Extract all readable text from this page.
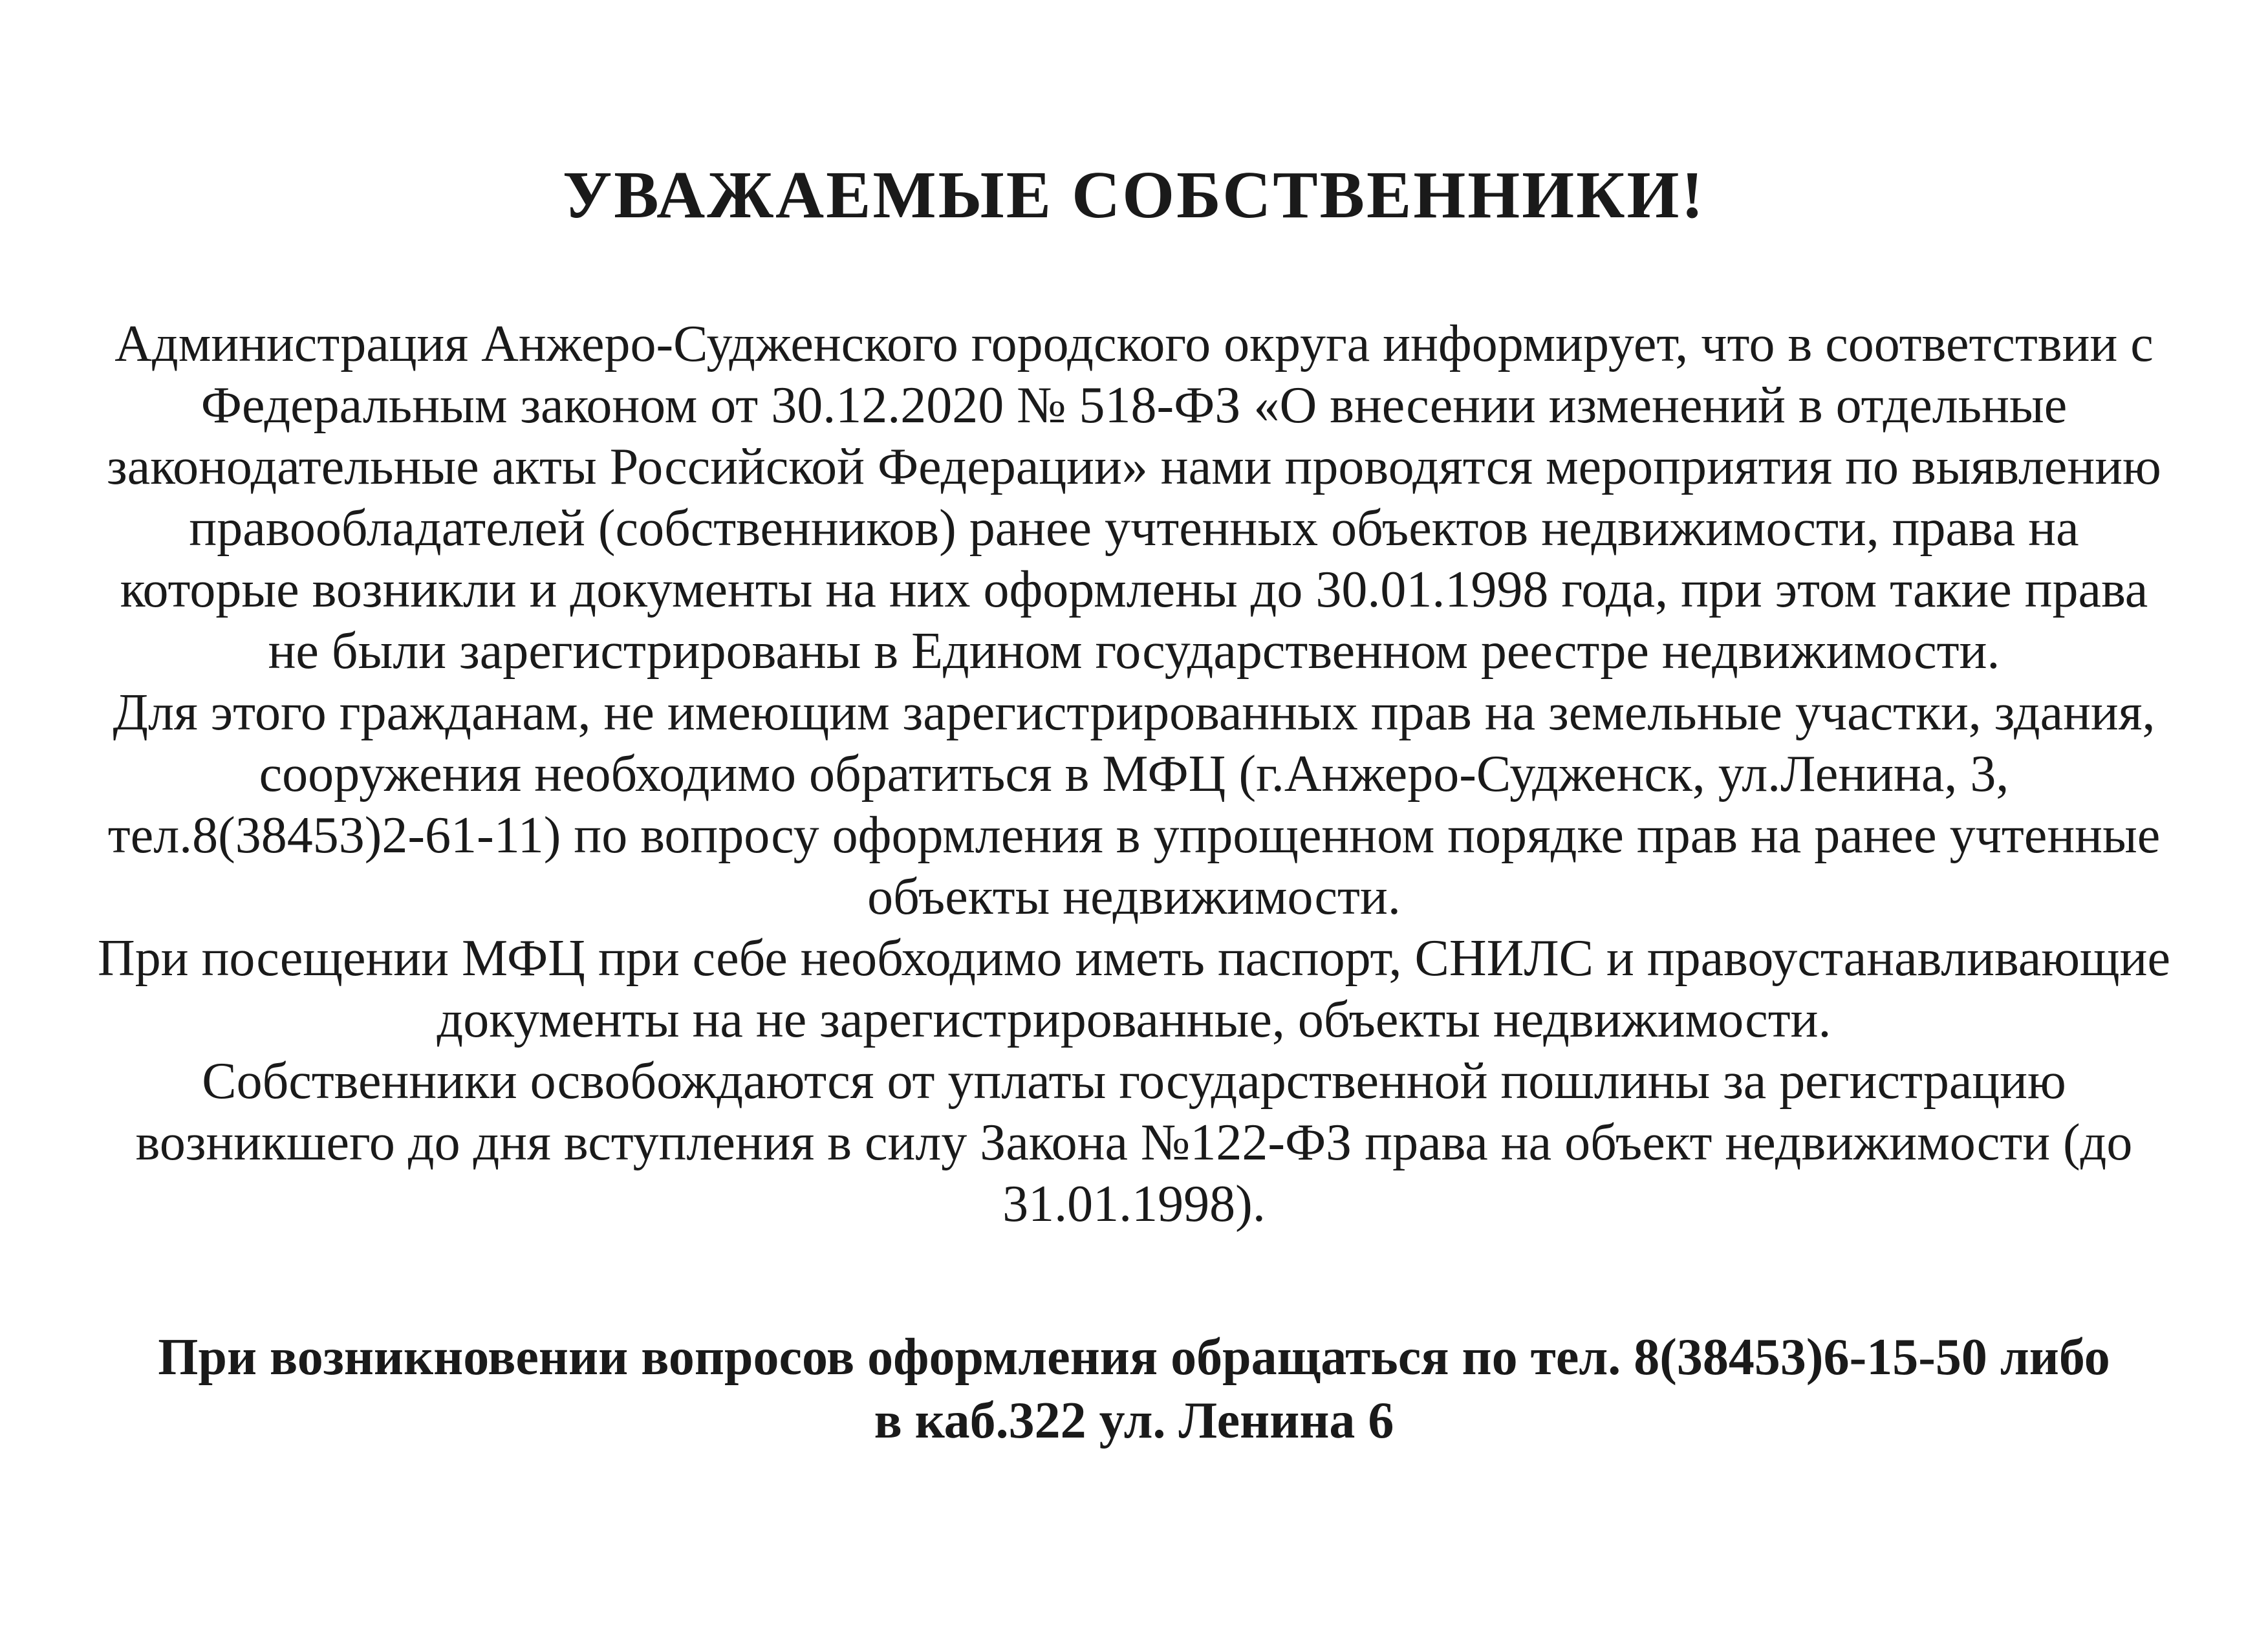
УВАЖАЕМЫЕ СОБСТВЕННИКИ!

Администрация Анжеро-Судженского городского округа информирует, что в соответствии с Федеральным законом от 30.12.2020 № 518-ФЗ «О внесении изменений в отдельные законодательные акты Российской Федерации» нами проводятся мероприятия по выявлению правообладателей (собственников) ранее учтенных объектов недвижимости, права на которые возникли и документы на них оформлены до 30.01.1998 года, при этом такие права не были зарегистрированы в Едином государственном реестре недвижимости.

Для этого гражданам, не имеющим зарегистрированных прав на земельные участки, здания, сооружения необходимо обратиться в МФЦ (г.Анжеро-Судженск, ул.Ленина, 3, тел.8(38453)2-61-11) по вопросу оформления в упрощенном порядке прав на ранее учтенные объекты недвижимости.

При посещении МФЦ при себе необходимо иметь паспорт, СНИЛС и правоустанавливающие документы на не зарегистрированные, объекты недвижимости.

Собственники освобождаются от уплаты государственной пошлины за регистрацию возникшего до дня вступления в силу Закона №122-ФЗ права на объект недвижимости (до 31.01.1998).

При возникновении вопросов оформления обращаться по тел. 8(38453)6-15-50 либо
в каб.322 ул. Ленина 6
